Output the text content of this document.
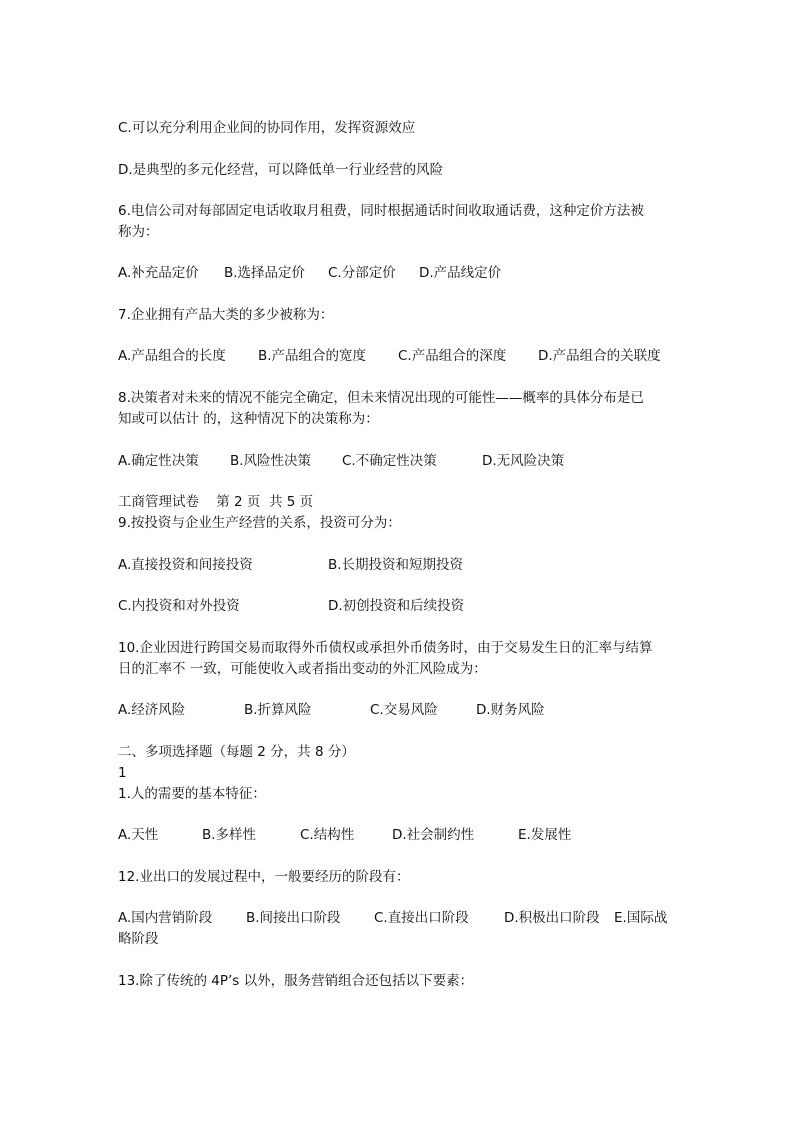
C.可以充分利用企业间的协同作用，发挥资源效应
D.是典型的多元化经营，可以降低单一行业经营的风险
6.电信公司对每部固定电话收取月租费，同时根据通话时间收取通话费，这种定价方法被
称为：
A.补充品定价 B.选择品定价 C.分部定价 D.产品线定价
7.企业拥有产品大类的多少被称为：
A.产品组合的长度 B.产品组合的宽度 C.产品组合的深度 D.产品组合的关联度
8.决策者对未来的情况不能完全确定，但未来情况出现的可能性——概率的具体分布是已
知或可以估计 的，这种情况下的决策称为：
A.确定性决策 B.风险性决策 C.不确定性决策	D.无风险决策
工商管理试卷    第 2 页  共 5 页
9.按投资与企业生产经营的关系，投资可分为：
A.直接投资和间接投资	B.长期投资和短期投资
C.内投资和对外投资	D.初创投资和后续投资
10.企业因进行跨国交易而取得外币债权或承担外币债务时，由于交易发生日的汇率与结算
日的汇率不 一致，可能使收入或者指出变动的外汇风险成为：
A.经济风险	B.折算风险	C.交易风险	D.财务风险
二、多项选择题（每题 2 分，共 8 分）
1
1.人的需要的基本特征：
A.天性	B.多样性	C.结构性	D.社会制约性	E.发展性
12.业出口的发展过程中，一般要经历的阶段有：
A.国内营销阶段 B.间接出口阶段 C.直接出口阶段	D.积极出口阶段 E.国际战
略阶段
13.除了传统的 4P’s 以外，服务营销组合还包括以下要素：
